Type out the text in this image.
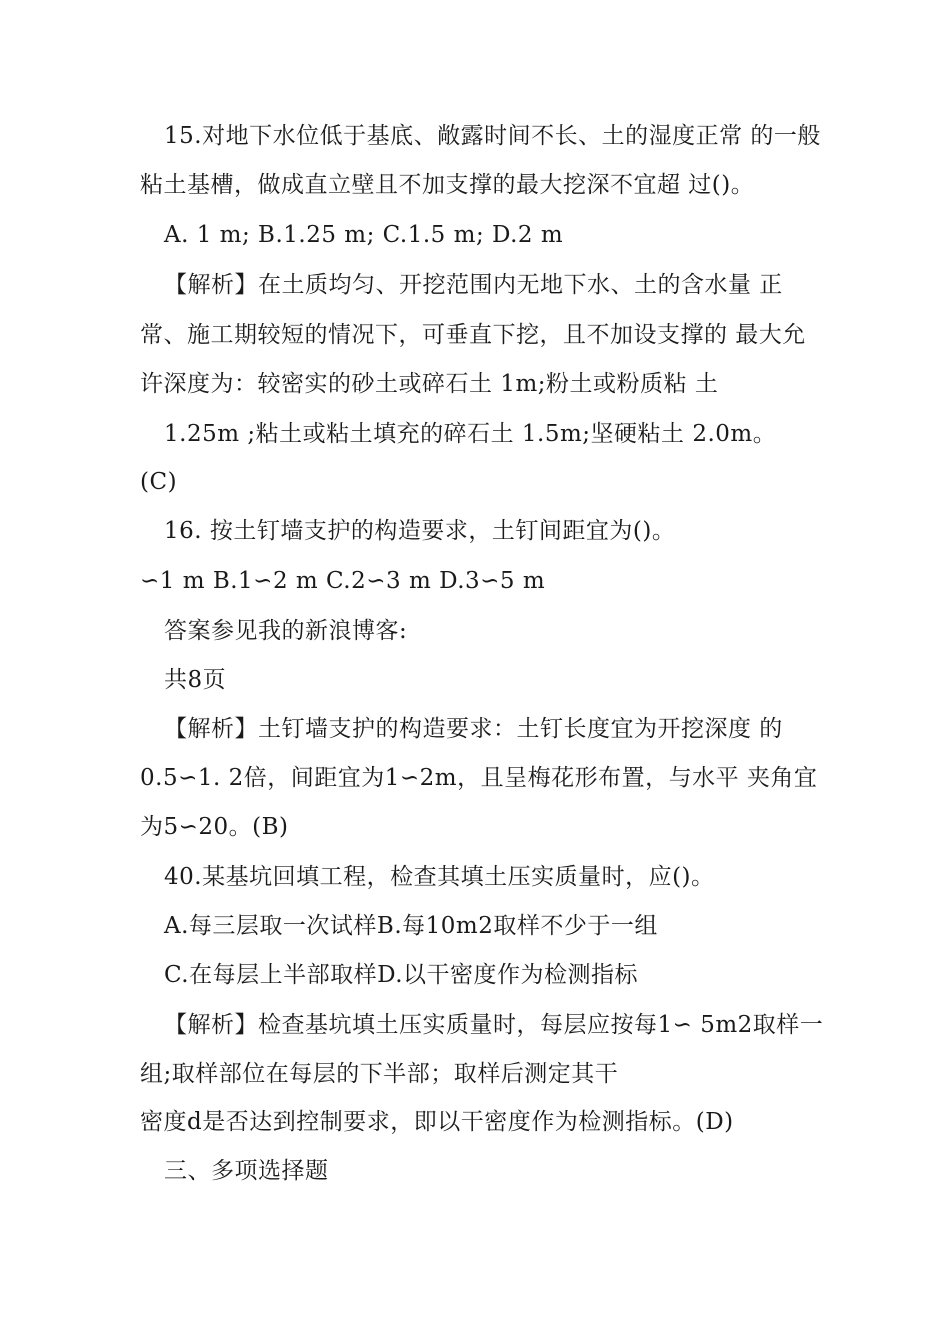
15.对地下水位低于基底、敞露时间不长、土的湿度正常 的一般
粘土基槽，做成直立壁且不加支撑的最大挖深不宜超 过()。
A. 1 m; B.1.25 m; C.1.5 m; D.2 m
【解析】在土质均匀、开挖范围内无地下水、土的含水量 正
常、施工期较短的情况下，可垂直下挖，且不加设支撑的 最大允
许深度为：较密实的砂土或碎石土 1m;粉土或粉质粘 土
1.25m ;粘土或粘土填充的碎石土 1.5m;坚硬粘土 2.0m。
(C)
16. 按土钉墙支护的构造要求，土钉间距宜为()。
∽1 m B.1∽2 m C.2∽3 m D.3∽5 m
答案参见我的新浪博客:
共8页
【解析】土钉墙支护的构造要求：土钉长度宜为开挖深度 的
0.5∽1. 2倍，间距宜为1∽2m，且呈梅花形布置，与水平 夹角宜
为5∽20。(B)
40.某基坑回填工程，检查其填土压实质量时，应()。
A.每三层取一次试样B.每10m2取样不少于一组
C.在每层上半部取样D.以干密度作为检测指标
【解析】检查基坑填土压实质量时，每层应按每1∽ 5m2取样一
组;取样部位在每层的下半部；取样后测定其干
密度d是否达到控制要求，即以干密度作为检测指标。(D)
三、多项选择题
